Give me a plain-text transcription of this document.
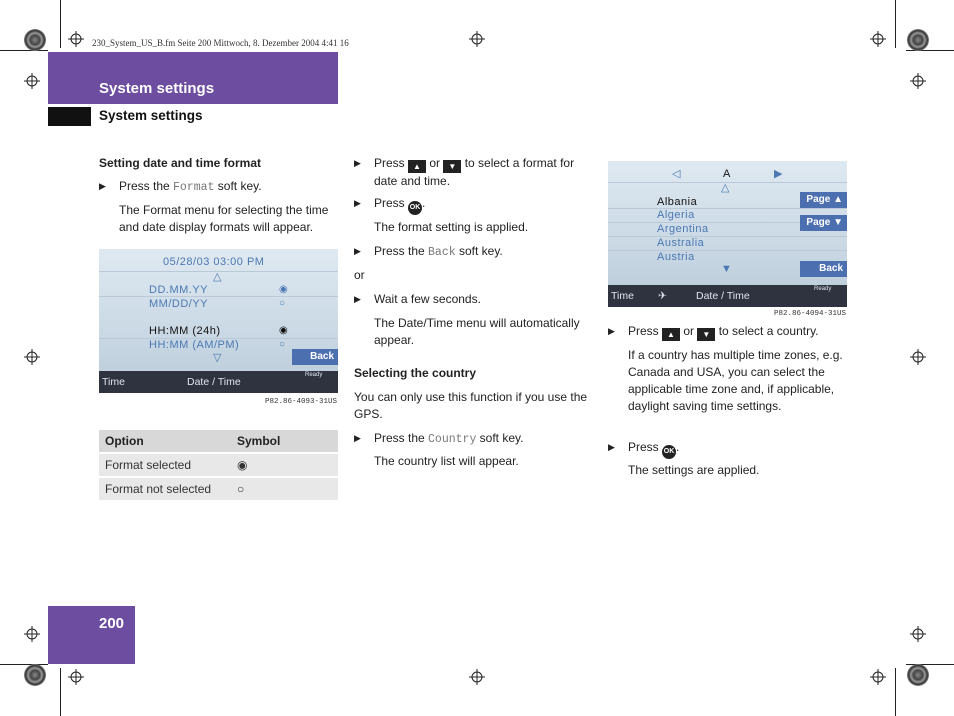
230_System_US_B.fm Seite 200 Mittwoch, 8. Dezember 2004 4:41 16
System settings
System settings
Setting date and time format
▶ Press the Format soft key.
The Format menu for selecting the time and date display formats will appear.
05/28/03 03:00 PM
△
DD.MM.YY	◉
MM/DD/YY	○
HH:MM (24h)	◉
HH:MM (AM/PM)	○
▽	Back
Time	Date / Time
Ready
P82.86-4093-31US
Option	Symbol
Format selected	◉
Format not selected	○
▶ Press ▲ or ▼ to select a format for date and time.
▶ Press OK .
The format setting is applied.
▶ Press the Back soft key.
or
▶ Wait a few seconds.
The Date/Time menu will automatically appear.
Selecting the country
You can only use this function if you use the GPS.
▶ Press the Country soft key.
The country list will appear.
◁	A	▶
△
Albania
Algeria
Argentina
Australia
Austria
▼
Page ▲
Page ▼
Back
Time ✈	Date / Time
Ready
P82.86-4094-31US
▶ Press ▲ or ▼ to select a country.
If a country has multiple time zones, e.g. Canada and USA, you can select the applicable time zone and, if applicable, daylight saving time settings.
▶ Press OK .
The settings are applied.
200
